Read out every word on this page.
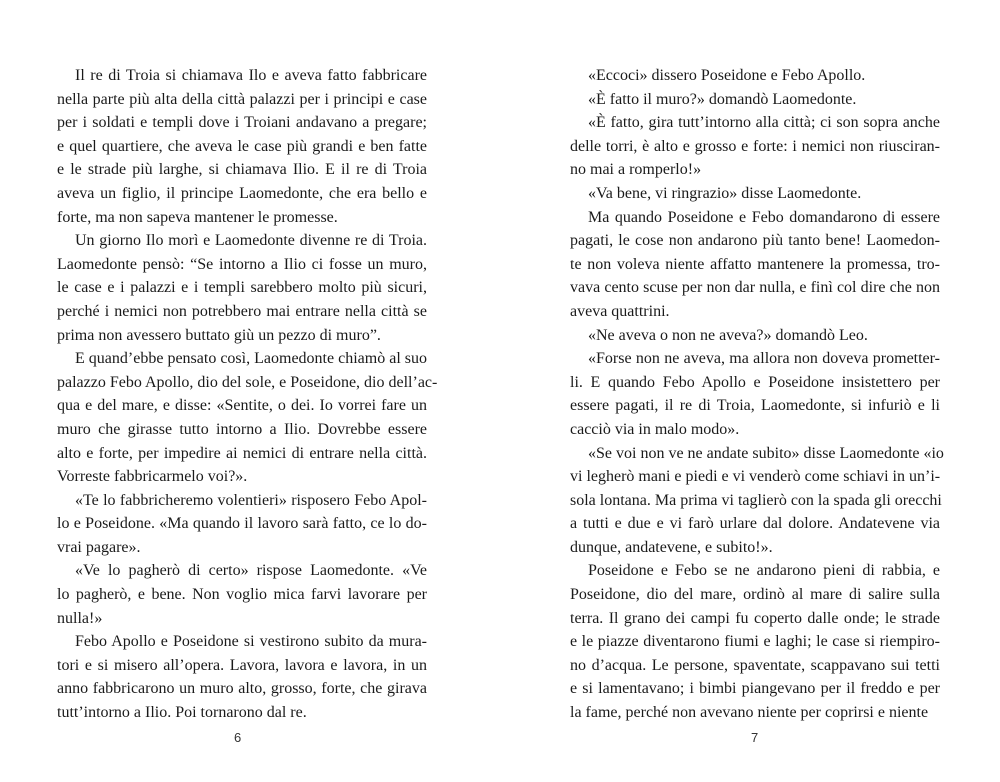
Il re di Troia si chiamava Ilo e aveva fatto fabbricare
nella parte più alta della città palazzi per i principi e case
per i soldati e templi dove i Troiani andavano a pregare;
e quel quartiere, che aveva le case più grandi e ben fatte
e le strade più larghe, si chiamava Ilio. E il re di Troia
aveva un figlio, il principe Laomedonte, che era bello e
forte, ma non sapeva mantener le promesse.

Un giorno Ilo morì e Laomedonte divenne re di Troia.
Laomedonte pensò: “Se intorno a Ilio ci fosse un muro,
le case e i palazzi e i templi sarebbero molto più sicuri,
perché i nemici non potrebbero mai entrare nella città se
prima non avessero buttato giù un pezzo di muro”.

E quand’ebbe pensato così, Laomedonte chiamò al suo
palazzo Febo Apollo, dio del sole, e Poseidone, dio dell’ac-
qua e del mare, e disse: «Sentite, o dei. Io vorrei fare un
muro che girasse tutto intorno a Ilio. Dovrebbe essere
alto e forte, per impedire ai nemici di entrare nella città.
Vorreste fabbricarmelo voi?».

«Te lo fabbricheremo volentieri» risposero Febo Apol-
lo e Poseidone. «Ma quando il lavoro sarà fatto, ce lo do-
vrai pagare».

«Ve lo pagherò di certo» rispose Laomedonte. «Ve
lo pagherò, e bene. Non voglio mica farvi lavorare per
nulla!»

Febo Apollo e Poseidone si vestirono subito da mura-
tori e si misero all’opera. Lavora, lavora e lavora, in un
anno fabbricarono un muro alto, grosso, forte, che girava
tutt’intorno a Ilio. Poi tornarono dal re.

«Eccoci» dissero Poseidone e Febo Apollo.

«È fatto il muro?» domandò Laomedonte.

«È fatto, gira tutt’intorno alla città; ci son sopra anche
delle torri, è alto e grosso e forte: i nemici non riusciran-
no mai a romperlo!»

«Va bene, vi ringrazio» disse Laomedonte.

Ma quando Poseidone e Febo domandarono di essere
pagati, le cose non andarono più tanto bene! Laomedon-
te non voleva niente affatto mantenere la promessa, tro-
vava cento scuse per non dar nulla, e finì col dire che non
aveva quattrini.

«Ne aveva o non ne aveva?» domandò Leo.

«Forse non ne aveva, ma allora non doveva prometter-
li. E quando Febo Apollo e Poseidone insistettero per
essere pagati, il re di Troia, Laomedonte, si infuriò e li
cacciò via in malo modo».

«Se voi non ve ne andate subito» disse Laomedonte «io
vi legherò mani e piedi e vi venderò come schiavi in un’i-
sola lontana. Ma prima vi taglierò con la spada gli orecchi
a tutti e due e vi farò urlare dal dolore. Andatevene via
dunque, andatevene, e subito!».

Poseidone e Febo se ne andarono pieni di rabbia, e
Poseidone, dio del mare, ordinò al mare di salire sulla
terra. Il grano dei campi fu coperto dalle onde; le strade
e le piazze diventarono fiumi e laghi; le case si riempiro-
no d’acqua. Le persone, spaventate, scappavano sui tetti
e si lamentavano; i bimbi piangevano per il freddo e per
la fame, perché non avevano niente per coprirsi e niente

6	7
